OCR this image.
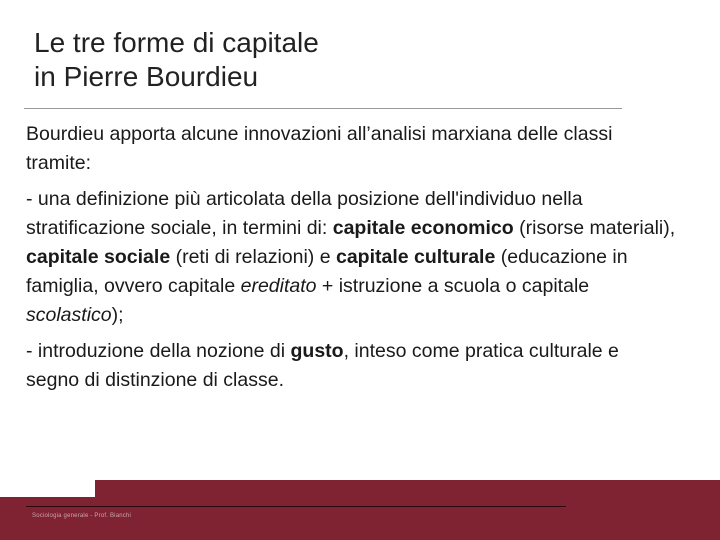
Le tre forme di capitale
in Pierre Bourdieu

Bourdieu apporta alcune innovazioni all’analisi marxiana delle classi tramite:

- una definizione più articolata della posizione dell'individuo nella stratificazione sociale, in termini di: capitale economico (risorse materiali), capitale sociale (reti di relazioni) e capitale culturale (educazione in famiglia, ovvero capitale ereditato + istruzione a scuola o capitale scolastico);

- introduzione della nozione di gusto, inteso come pratica culturale e segno di distinzione di classe.

Sociologia generale - Prof. Bianchi
